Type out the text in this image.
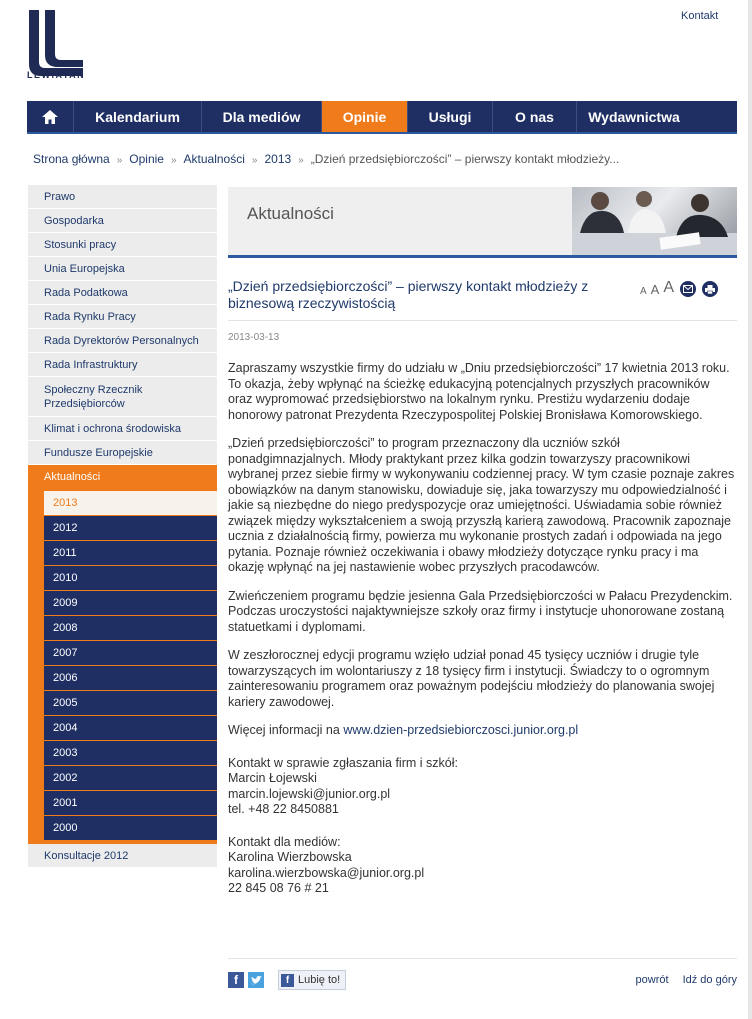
LEWIATAN
Kontakt
Kalendarium	Dla mediów	Opinie	Usługi	O nas	Wydawnictwa
Strona główna » Opinie » Aktualności » 2013 » „Dzień przedsiębiorczości” – pierwszy kontakt młodzieży...
Prawo
Gospodarka
Stosunki pracy
Unia Europejska
Rada Podatkowa
Rada Rynku Pracy
Rada Dyrektorów Personalnych
Rada Infrastruktury
Społeczny Rzecznik Przedsiębiorców
Klimat i ochrona środowiska
Fundusze Europejskie
Aktualności
2013
2012
2011
2010
2009
2008
2007
2006
2005
2004
2003
2002
2001
2000
Konsultacje 2012
Aktualności
„Dzień przedsiębiorczości” – pierwszy kontakt młodzieży z biznesową rzeczywistością
A A A
2013-03-13

Zapraszamy wszystkie firmy do udziału w „Dniu przedsiębiorczości” 17 kwietnia 2013 roku. To okazja, żeby wpłynąć na ścieżkę edukacyjną potencjalnych przyszłych pracowników oraz wypromować przedsiębiorstwo na lokalnym rynku. Prestiżu wydarzeniu dodaje honorowy patronat Prezydenta Rzeczypospolitej Polskiej Bronisława Komorowskiego.

„Dzień przedsiębiorczości” to program przeznaczony dla uczniów szkół ponadgimnazjalnych. Młody praktykant przez kilka godzin towarzyszy pracownikowi wybranej przez siebie firmy w wykonywaniu codziennej pracy. W tym czasie poznaje zakres obowiązków na danym stanowisku, dowiaduje się, jaka towarzyszy mu odpowiedzialność i jakie są niezbędne do niego predyspozycje oraz umiejętności. Uświadamia sobie również związek między wykształceniem a swoją przyszłą karierą zawodową. Pracownik zapoznaje ucznia z działalnością firmy, powierza mu wykonanie prostych zadań i odpowiada na jego pytania. Poznaje również oczekiwania i obawy młodzieży dotyczące rynku pracy i ma okazję wpłynąć na jej nastawienie wobec przyszłych pracodawców.

Zwieńczeniem programu będzie jesienna Gala Przedsiębiorczości w Pałacu Prezydenckim. Podczas uroczystości najaktywniejsze szkoły oraz firmy i instytucje uhonorowane zostaną statuetkami i dyplomami.

W zeszłorocznej edycji programu wzięło udział ponad 45 tysięcy uczniów i drugie tyle towarzyszących im wolontariuszy z 18 tysięcy firm i instytucji. Świadczy to o ogromnym zainteresowaniu programem oraz poważnym podejściu młodzieży do planowania swojej kariery zawodowej.

Więcej informacji na www.dzien-przedsiebiorczosci.junior.org.pl

Kontakt w sprawie zgłaszania firm i szkół:
Marcin Łojewski
marcin.lojewski@junior.org.pl
tel. +48 22 8450881

Kontakt dla mediów:
Karolina Wierzbowska
karolina.wierzbowska@junior.org.pl
22 845 08 76 # 21

f	f Lubię to!	powrót Idź do góry
